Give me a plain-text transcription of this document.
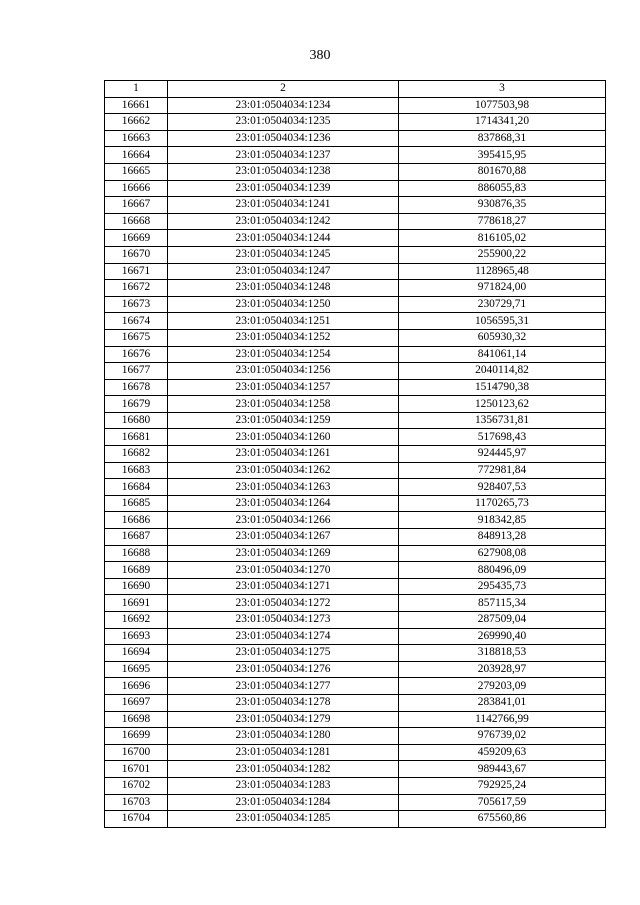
380
1	2	3
16661	23:01:0504034:1234	1077503,98
16662	23:01:0504034:1235	1714341,20
16663	23:01:0504034:1236	837868,31
16664	23:01:0504034:1237	395415,95
16665	23:01:0504034:1238	801670,88
16666	23:01:0504034:1239	886055,83
16667	23:01:0504034:1241	930876,35
16668	23:01:0504034:1242	778618,27
16669	23:01:0504034:1244	816105,02
16670	23:01:0504034:1245	255900,22
16671	23:01:0504034:1247	1128965,48
16672	23:01:0504034:1248	971824,00
16673	23:01:0504034:1250	230729,71
16674	23:01:0504034:1251	1056595,31
16675	23:01:0504034:1252	605930,32
16676	23:01:0504034:1254	841061,14
16677	23:01:0504034:1256	2040114,82
16678	23:01:0504034:1257	1514790,38
16679	23:01:0504034:1258	1250123,62
16680	23:01:0504034:1259	1356731,81
16681	23:01:0504034:1260	517698,43
16682	23:01:0504034:1261	924445,97
16683	23:01:0504034:1262	772981,84
16684	23:01:0504034:1263	928407,53
16685	23:01:0504034:1264	1170265,73
16686	23:01:0504034:1266	918342,85
16687	23:01:0504034:1267	848913,28
16688	23:01:0504034:1269	627908,08
16689	23:01:0504034:1270	880496,09
16690	23:01:0504034:1271	295435,73
16691	23:01:0504034:1272	857115,34
16692	23:01:0504034:1273	287509,04
16693	23:01:0504034:1274	269990,40
16694	23:01:0504034:1275	318818,53
16695	23:01:0504034:1276	203928,97
16696	23:01:0504034:1277	279203,09
16697	23:01:0504034:1278	283841,01
16698	23:01:0504034:1279	1142766,99
16699	23:01:0504034:1280	976739,02
16700	23:01:0504034:1281	459209,63
16701	23:01:0504034:1282	989443,67
16702	23:01:0504034:1283	792925,24
16703	23:01:0504034:1284	705617,59
16704	23:01:0504034:1285	675560,86
